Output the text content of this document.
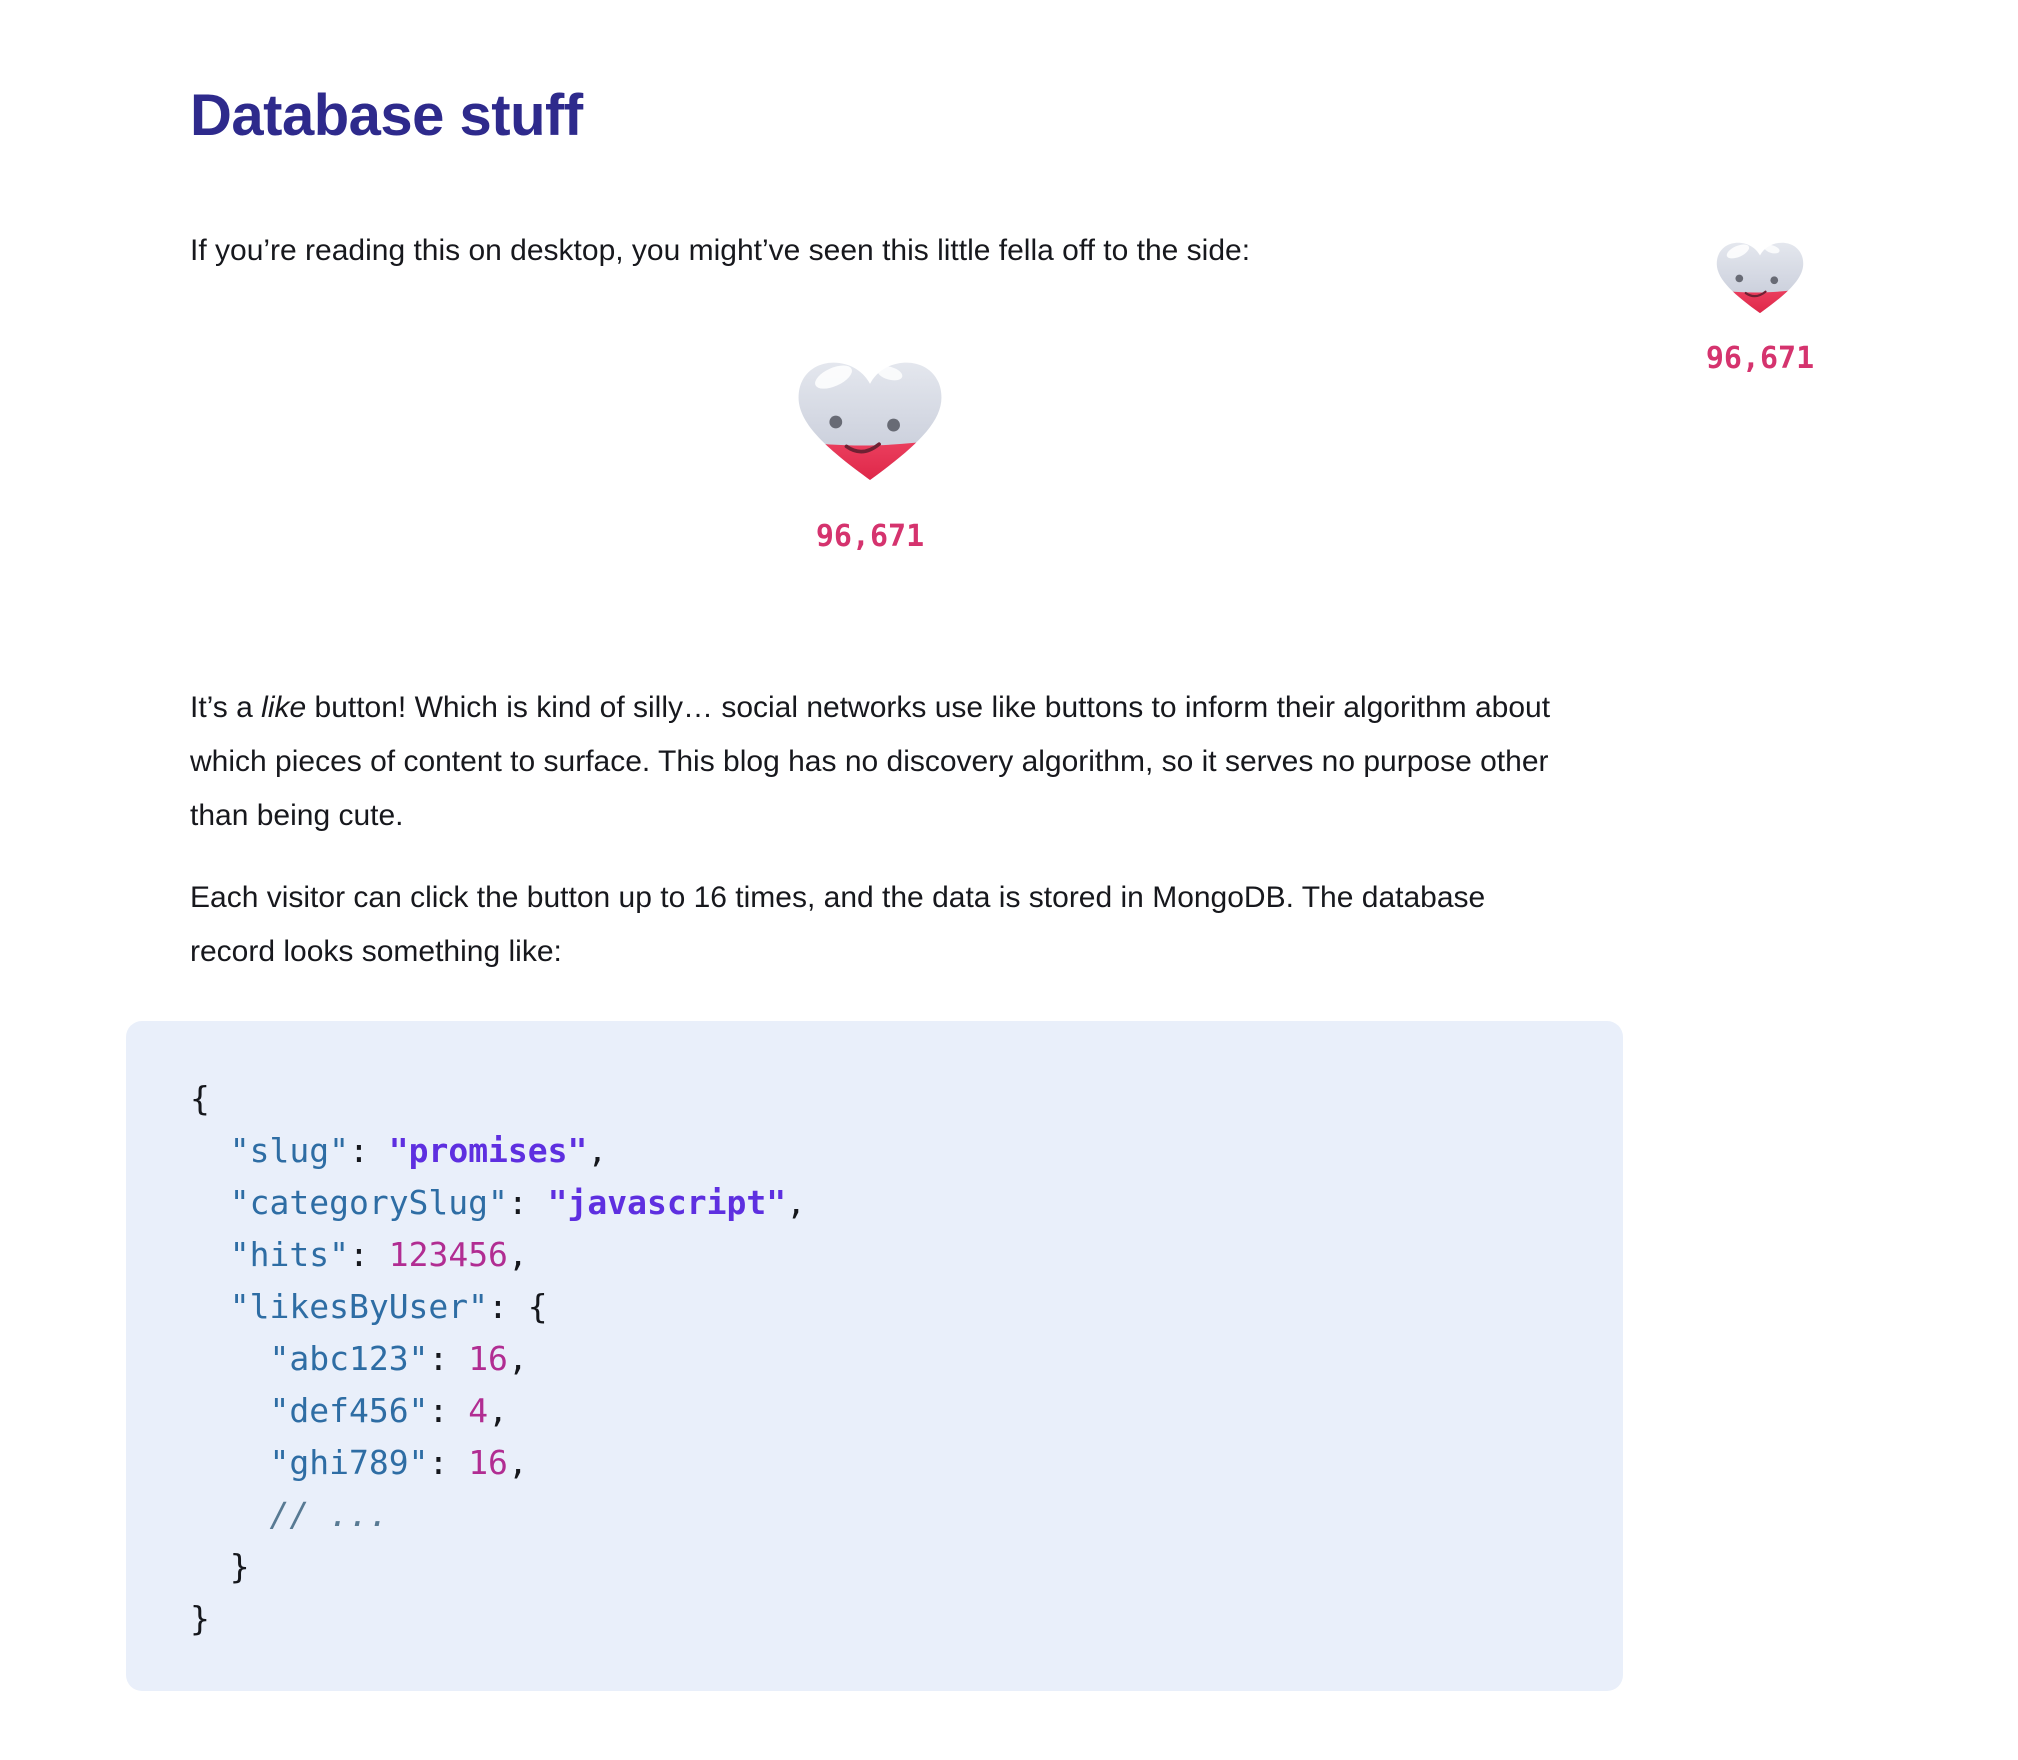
Database stuff

If you’re reading this on desktop, you might’ve seen this little fella off to the side:

96,671

It’s a like button! Which is kind of silly… social networks use like buttons to inform their algorithm about which pieces of content to surface. This blog has no discovery algorithm, so it serves no purpose other than being cute.

Each visitor can click the button up to 16 times, and the data is stored in MongoDB. The database record looks something like:

{
"slug": "promises",
"categorySlug": "javascript",
"hits": 123456,
"likesByUser": {
"abc123": 16,
"def456": 4,
"ghi789": 16,
// ...
}
}
96,671
